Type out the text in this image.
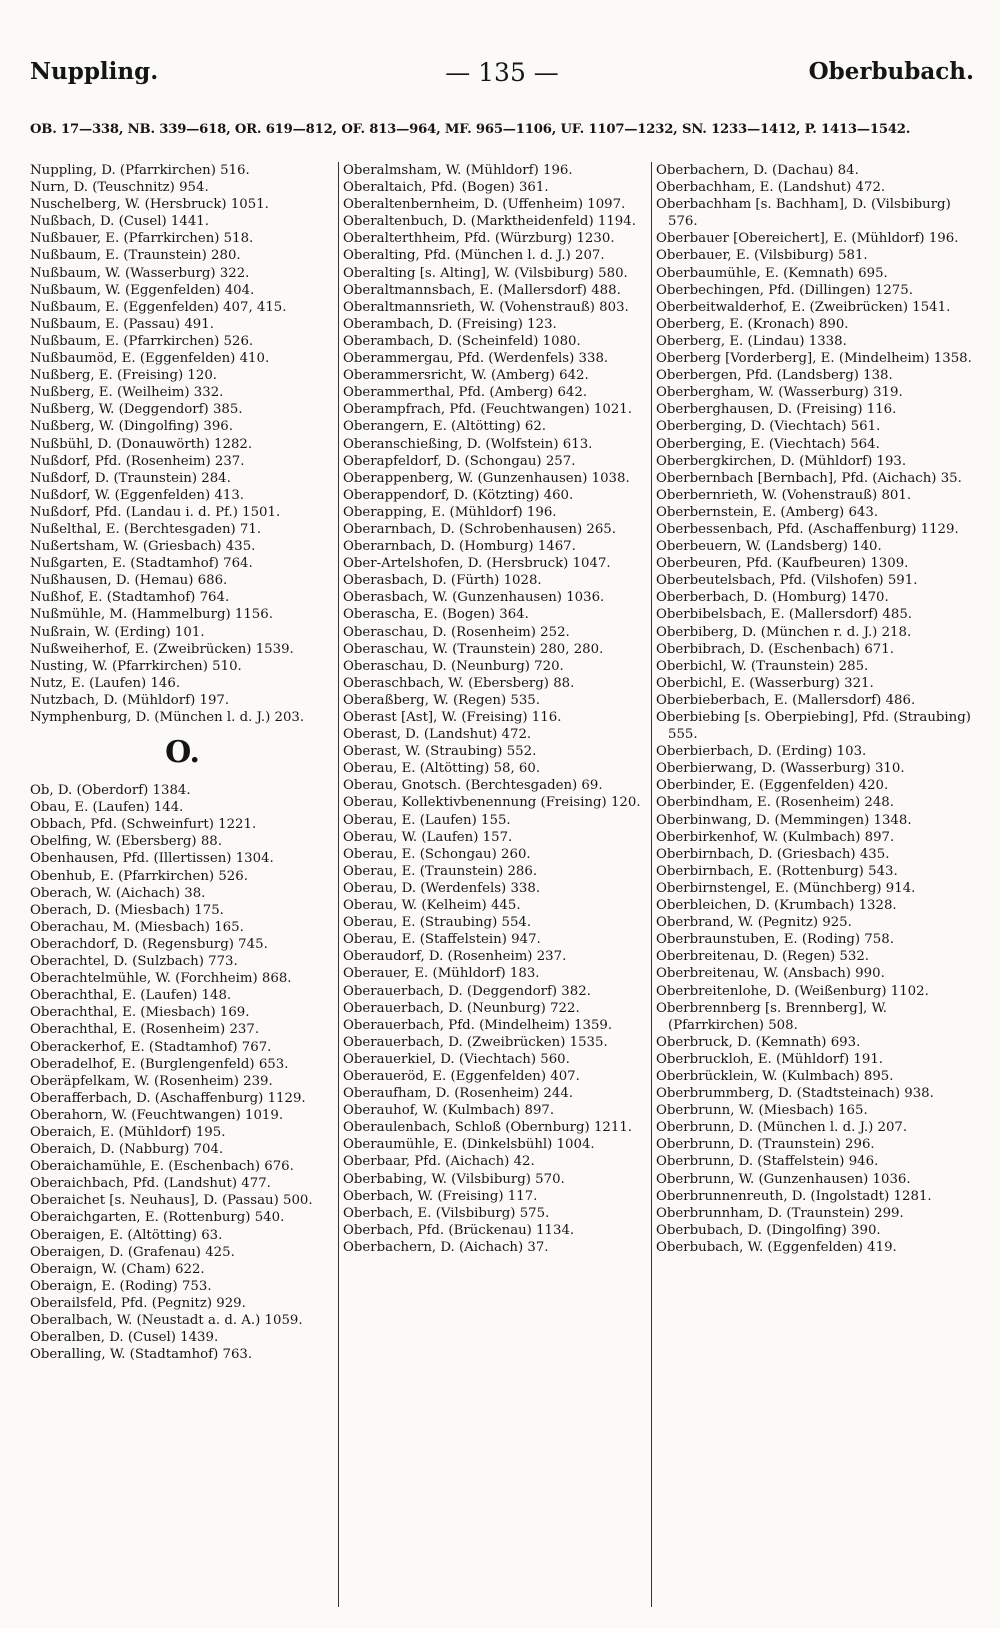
Nuppling.	— 135 —	Oberbubach.
OB. 17—338, NB. 339—618, OR. 619—812, OF. 813—964, MF. 965—1106, UF. 1107—1232, SN. 1233—1412, P. 1413—1542.
Nuppling, D. (Pfarrkirchen) 516.
Nurn, D. (Teuschnitz) 954.
Nuschelberg, W. (Hersbruck) 1051.
Nußbach, D. (Cusel) 1441.
Nußbauer, E. (Pfarrkirchen) 518.
Nußbaum, E. (Traunstein) 280.
Nußbaum, W. (Wasserburg) 322.
Nußbaum, W. (Eggenfelden) 404.
Nußbaum, E. (Eggenfelden) 407, 415.
Nußbaum, E. (Passau) 491.
Nußbaum, E. (Pfarrkirchen) 526.
Nußbaumöd, E. (Eggenfelden) 410.
Nußberg, E. (Freising) 120.
Nußberg, E. (Weilheim) 332.
Nußberg, W. (Deggendorf) 385.
Nußberg, W. (Dingolfing) 396.
Nußbühl, D. (Donauwörth) 1282.
Nußdorf, Pfd. (Rosenheim) 237.
Nußdorf, D. (Traunstein) 284.
Nußdorf, W. (Eggenfelden) 413.
Nußdorf, Pfd. (Landau i. d. Pf.) 1501.
Nußelthal, E. (Berchtesgaden) 71.
Nußertsham, W. (Griesbach) 435.
Nußgarten, E. (Stadtamhof) 764.
Nußhausen, D. (Hemau) 686.
Nußhof, E. (Stadtamhof) 764.
Nußmühle, M. (Hammelburg) 1156.
Nußrain, W. (Erding) 101.
Nußweiherhof, E. (Zweibrücken) 1539.
Nusting, W. (Pfarrkirchen) 510.
Nutz, E. (Laufen) 146.
Nutzbach, D. (Mühldorf) 197.
Nymphenburg, D. (München l. d. J.) 203.
O.
Ob, D. (Oberdorf) 1384.
Obau, E. (Laufen) 144.
Obbach, Pfd. (Schweinfurt) 1221.
Obelfing, W. (Ebersberg) 88.
Obenhausen, Pfd. (Illertissen) 1304.
Obenhub, E. (Pfarrkirchen) 526.
Oberach, W. (Aichach) 38.
Oberach, D. (Miesbach) 175.
Oberachau, M. (Miesbach) 165.
Oberachdorf, D. (Regensburg) 745.
Oberachtel, D. (Sulzbach) 773.
Oberachtelmühle, W. (Forchheim) 868.
Oberachthal, E. (Laufen) 148.
Oberachthal, E. (Miesbach) 169.
Oberachthal, E. (Rosenheim) 237.
Oberackerhof, E. (Stadtamhof) 767.
Oberadelhof, E. (Burglengenfeld) 653.
Oberäpfelkam, W. (Rosenheim) 239.
Oberafferbach, D. (Aschaffenburg) 1129.
Oberahorn, W. (Feuchtwangen) 1019.
Oberaich, E. (Mühldorf) 195.
Oberaich, D. (Nabburg) 704.
Oberaichamühle, E. (Eschenbach) 676.
Oberaichbach, Pfd. (Landshut) 477.
Oberaichet [s. Neuhaus], D. (Passau) 500.
Oberaichgarten, E. (Rottenburg) 540.
Oberaigen, E. (Altötting) 63.
Oberaigen, D. (Grafenau) 425.
Oberaign, W. (Cham) 622.
Oberaign, E. (Roding) 753.
Oberailsfeld, Pfd. (Pegnitz) 929.
Oberalbach, W. (Neustadt a. d. A.) 1059.
Oberalben, D. (Cusel) 1439.
Oberalling, W. (Stadtamhof) 763.
Oberalmsham, W. (Mühldorf) 196.
Oberaltaich, Pfd. (Bogen) 361.
Oberaltenbernheim, D. (Uffenheim) 1097.
Oberaltenbuch, D. (Marktheidenfeld) 1194.
Oberalterthheim, Pfd. (Würzburg) 1230.
Oberalting, Pfd. (München l. d. J.) 207.
Oberalting [s. Alting], W. (Vilsbiburg) 580.
Oberaltmannsbach, E. (Mallersdorf) 488.
Oberaltmannsrieth, W. (Vohenstrauß) 803.
Oberambach, D. (Freising) 123.
Oberambach, D. (Scheinfeld) 1080.
Oberammergau, Pfd. (Werdenfels) 338.
Oberammersricht, W. (Amberg) 642.
Oberammerthal, Pfd. (Amberg) 642.
Oberampfrach, Pfd. (Feuchtwangen) 1021.
Oberangern, E. (Altötting) 62.
Oberanschießing, D. (Wolfstein) 613.
Oberapfeldorf, D. (Schongau) 257.
Oberappenberg, W. (Gunzenhausen) 1038.
Oberappendorf, D. (Kötzting) 460.
Oberapping, E. (Mühldorf) 196.
Oberarnbach, D. (Schrobenhausen) 265.
Oberarnbach, D. (Homburg) 1467.
Ober-Artelshofen, D. (Hersbruck) 1047.
Oberasbach, D. (Fürth) 1028.
Oberasbach, W. (Gunzenhausen) 1036.
Oberascha, E. (Bogen) 364.
Oberaschau, D. (Rosenheim) 252.
Oberaschau, W. (Traunstein) 280, 280.
Oberaschau, D. (Neunburg) 720.
Oberaschbach, W. (Ebersberg) 88.
Oberaßberg, W. (Regen) 535.
Oberast [Ast], W. (Freising) 116.
Oberast, D. (Landshut) 472.
Oberast, W. (Straubing) 552.
Oberau, E. (Altötting) 58, 60.
Oberau, Gnotsch. (Berchtesgaden) 69.
Oberau, Kollektivbenennung (Freising) 120.
Oberau, E. (Laufen) 155.
Oberau, W. (Laufen) 157.
Oberau, E. (Schongau) 260.
Oberau, E. (Traunstein) 286.
Oberau, D. (Werdenfels) 338.
Oberau, W. (Kelheim) 445.
Oberau, E. (Straubing) 554.
Oberau, E. (Staffelstein) 947.
Oberaudorf, D. (Rosenheim) 237.
Oberauer, E. (Mühldorf) 183.
Oberauerbach, D. (Deggendorf) 382.
Oberauerbach, D. (Neunburg) 722.
Oberauerbach, Pfd. (Mindelheim) 1359.
Oberauerbach, D. (Zweibrücken) 1535.
Oberauerkiel, D. (Viechtach) 560.
Oberaueröd, E. (Eggenfelden) 407.
Oberaufham, D. (Rosenheim) 244.
Oberauhof, W. (Kulmbach) 897.
Oberaulenbach, Schloß (Obernburg) 1211.
Oberaumühle, E. (Dinkelsbühl) 1004.
Oberbaar, Pfd. (Aichach) 42.
Oberbabing, W. (Vilsbiburg) 570.
Oberbach, W. (Freising) 117.
Oberbach, E. (Vilsbiburg) 575.
Oberbach, Pfd. (Brückenau) 1134.
Oberbachern, D. (Aichach) 37.
Oberbachern, D. (Dachau) 84.
Oberbachham, E. (Landshut) 472.
Oberbachham [s. Bachham], D. (Vilsbiburg) 576.
Oberbauer [Obereichert], E. (Mühldorf) 196.
Oberbauer, E. (Vilsbiburg) 581.
Oberbaumühle, E. (Kemnath) 695.
Oberbechingen, Pfd. (Dillingen) 1275.
Oberbeitwalderhof, E. (Zweibrücken) 1541.
Oberberg, E. (Kronach) 890.
Oberberg, E. (Lindau) 1338.
Oberberg [Vorderberg], E. (Mindelheim) 1358.
Oberbergen, Pfd. (Landsberg) 138.
Oberbergham, W. (Wasserburg) 319.
Oberberghausen, D. (Freising) 116.
Oberberging, D. (Viechtach) 561.
Oberberging, E. (Viechtach) 564.
Oberbergkirchen, D. (Mühldorf) 193.
Oberbernbach [Bernbach], Pfd. (Aichach) 35.
Oberbernrieth, W. (Vohenstrauß) 801.
Oberbernstein, E. (Amberg) 643.
Oberbessenbach, Pfd. (Aschaffenburg) 1129.
Oberbeuern, W. (Landsberg) 140.
Oberbeuren, Pfd. (Kaufbeuren) 1309.
Oberbeutelsbach, Pfd. (Vilshofen) 591.
Oberberbach, D. (Homburg) 1470.
Oberbibelsbach, E. (Mallersdorf) 485.
Oberbiberg, D. (München r. d. J.) 218.
Oberbibrach, D. (Eschenbach) 671.
Oberbichl, W. (Traunstein) 285.
Oberbichl, E. (Wasserburg) 321.
Oberbieberbach, E. (Mallersdorf) 486.
Oberbiebing [s. Oberpiebing], Pfd. (Straubing) 555.
Oberbierbach, D. (Erding) 103.
Oberbierwang, D. (Wasserburg) 310.
Oberbinder, E. (Eggenfelden) 420.
Oberbindham, E. (Rosenheim) 248.
Oberbinwang, D. (Memmingen) 1348.
Oberbirkenhof, W. (Kulmbach) 897.
Oberbirnbach, D. (Griesbach) 435.
Oberbirnbach, E. (Rottenburg) 543.
Oberbirnstengel, E. (Münchberg) 914.
Oberbleichen, D. (Krumbach) 1328.
Oberbrand, W. (Pegnitz) 925.
Oberbraunstuben, E. (Roding) 758.
Oberbreitenau, D. (Regen) 532.
Oberbreitenau, W. (Ansbach) 990.
Oberbreitenlohe, D. (Weißenburg) 1102.
Oberbrennberg [s. Brennberg], W. (Pfarrkirchen) 508.
Oberbruck, D. (Kemnath) 693.
Oberbruckloh, E. (Mühldorf) 191.
Oberbrücklein, W. (Kulmbach) 895.
Oberbrummberg, D. (Stadtsteinach) 938.
Oberbrunn, W. (Miesbach) 165.
Oberbrunn, D. (München l. d. J.) 207.
Oberbrunn, D. (Traunstein) 296.
Oberbrunn, D. (Staffelstein) 946.
Oberbrunn, W. (Gunzenhausen) 1036.
Oberbrunnenreuth, D. (Ingolstadt) 1281.
Oberbrunnham, D. (Traunstein) 299.
Oberbubach, D. (Dingolfing) 390.
Oberbubach, W. (Eggenfelden) 419.
